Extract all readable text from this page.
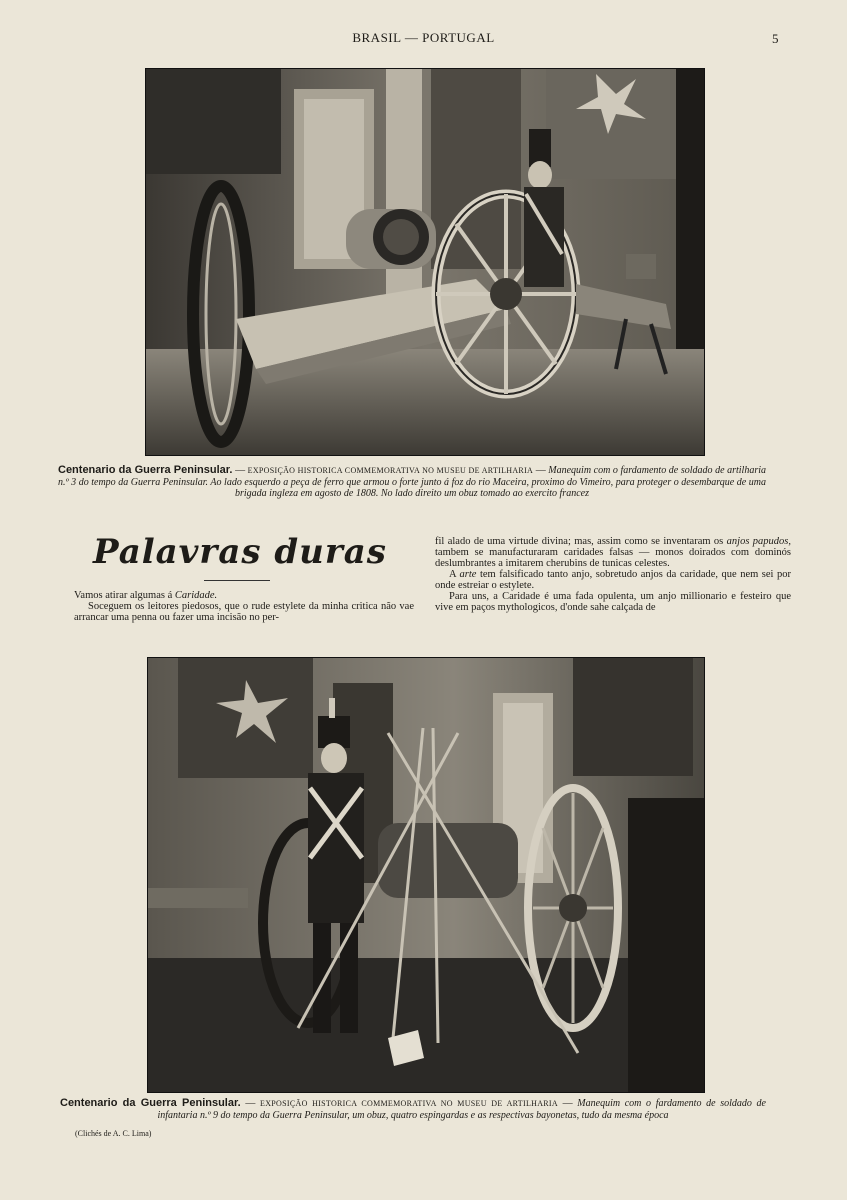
BRASIL — PORTUGAL	5
Centenario da Guerra Peninsular. — EXPOSIÇÃO HISTORICA COMMEMORATIVA NO MUSEU DE ARTILHARIA — Manequim com o fardamento de soldado de artilharia n.º 3 do tempo da Guerra Peninsular. Ao lado esquerdo a peça de ferro que armou o forte junto á foz do rio Maceira, proximo do Vimeiro, para proteger o desembarque de uma brigada ingleza em agosto de 1808. No lado direito um obuz tomado ao exercito francez
Palavras duras

Vamos atirar algumas á Caridade.

Soceguem os leitores piedosos, que o rude estylete da minha critica não vae arrancar uma penna ou fazer uma incisão no per-

fil alado de uma virtude divina; mas, assim como se inventaram os anjos papudos, tambem se manufacturaram caridades falsas — monos doirados com dominós deslumbrantes a imitarem cherubins de tunicas celestes.

A arte tem falsificado tanto anjo, sobretudo anjos da caridade, que nem sei por onde estreiar o estylete.

Para uns, a Caridade é uma fada opulenta, um anjo millionario e festeiro que vive em paços mythologicos, d'onde sahe calçada de

Centenario da Guerra Peninsular. — EXPOSIÇÃO HISTORICA COMMEMORATIVA NO MUSEU DE ARTILHARIA — Manequim com o fardamento de soldado de infantaria n.º 9 do tempo da Guerra Peninsular, um obuz, quatro espingardas e as respectivas bayonetas, tudo da mesma época
(Clichés de A. C. Lima)
